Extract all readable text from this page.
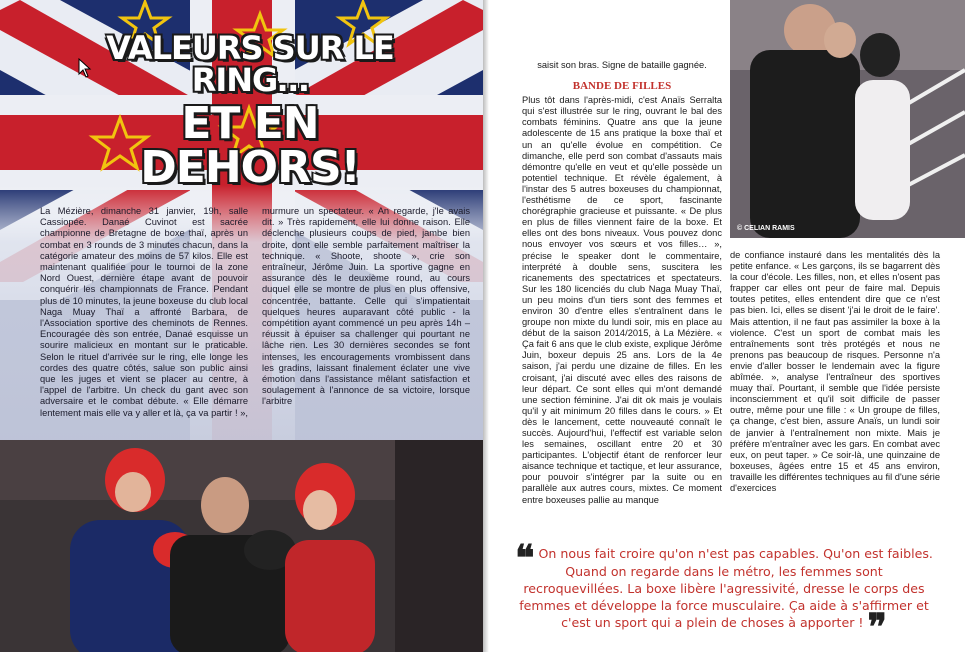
VALEURS SUR LE RING…
ET EN DEHORS!

La Mézière, dimanche 31 janvier, 19h, salle Cassiopée. Danaé Cuvinot est sacrée championne de Bretagne de boxe thaï, après un combat en 3 rounds de 3 minutes chacun, dans la catégorie amateur des moins de 57 kilos. Elle est maintenant qualifiée pour le tournoi de la zone Nord Ouest, dernière étape avant de pouvoir conquérir les championnats de France. Pendant plus de 10 minutes, la jeune boxeuse du club local Naga Muay Thaï a affronté Barbara, de l'Association sportive des cheminots de Rennes. Encouragée dès son entrée, Danaé esquisse un sourire malicieux en montant sur le praticable. Selon le rituel d'arrivée sur le ring, elle longe les cordes des quatre côtés, salue son public ainsi que les juges et vient se placer au centre, à l'appel de l'arbitre. Un check du gant avec son adversaire et le combat débute. « Elle démarre lentement mais elle va y aller et là, ça va partir ! », murmure un spectateur. « An regarde, j'le avais dit. » Très rapidement, elle lui donne raison. Elle déclenche plusieurs coups de pied, jambe bien droite, dont elle semble parfaitement maîtriser la technique. « Shoote, shoote », crie son entraîneur, Jérôme Juin. La sportive gagne en assurance dès le deuxième round, au cours duquel elle se montre de plus en plus offensive, concentrée, battante. Celle qui s'impatientait quelques heures auparavant côté public - la compétition ayant commencé un peu après 14h – réussit à épuiser sa challenger qui pourtant ne lâche rien. Les 30 dernières secondes se font intenses, les encouragements vrombissent dans les gradins, laissant finalement éclater une vive émotion dans l'assistance mêlant satisfaction et soulagement à l'annonce de sa victoire, lorsque l'arbitre

© CELIAN RAMIS

saisit son bras. Signe de bataille gagnée.

BANDE DE FILLES

Plus tôt dans l'après-midi, c'est Anaïs Serralta qui s'est illustrée sur le ring, ouvrant le bal des combats féminins. Quatre ans que la jeune adolescente de 15 ans pratique la boxe thaï et un an qu'elle évolue en compétition. Ce dimanche, elle perd son combat d'assauts mais démontre qu'elle en veut et qu'elle possède un potentiel technique. Et révèle également, à l'instar des 5 autres boxeuses du championnat, l'esthétisme de ce sport, fascinante chorégraphie gracieuse et puissante. « De plus en plus de filles viennent faire de la boxe. Et elles ont des bons niveaux. Vous pouvez donc nous envoyer vos sœurs et vos filles… », précise le speaker dont le commentaire, interprété à double sens, suscitera les ricanements des spectatrices et spectateurs. Sur les 180 licenciés du club Naga Muay Thaï, un peu moins d'un tiers sont des femmes et environ 30 d'entre elles s'entraînent dans le groupe non mixte du lundi soir, mis en place au début de la saison 2014/2015, à La Mézière. « Ça fait 6 ans que le club existe, explique Jérôme Juin, boxeur depuis 25 ans. Lors de la 4e saison, j'ai perdu une dizaine de filles. En les croisant, j'ai discuté avec elles des raisons de leur départ. Ce sont elles qui m'ont demandé une section féminine. J'ai dit ok mais je voulais qu'il y ait minimum 20 filles dans le cours. » Et dès le lancement, cette nouveauté connaît le succès. Aujourd'hui, l'effectif est variable selon les semaines, oscillant entre 20 et 30 participantes. L'objectif étant de renforcer leur aisance technique et tactique, et leur assurance, pour pouvoir s'intégrer par la suite ou en parallèle aux autres cours, mixtes. Ce moment entre boxeuses pallie au manque

de confiance instauré dans les mentalités dès la petite enfance. « Les garçons, ils se bagarrent dès la cour d'école. Les filles, non, et elles n'osent pas frapper car elles ont peur de faire mal. Depuis toutes petites, elles entendent dire que ce n'est pas bien. Ici, elles se disent 'j'ai le droit de le faire'. Mais attention, il ne faut pas assimiler la boxe à la violence. C'est un sport de combat mais les entraînements sont très protégés et nous ne prenons pas beaucoup de risques. Personne n'a envie d'aller bosser le lendemain avec la figure abîmée. », analyse l'entraîneur des sportives muay thaï. Pourtant, il semble que l'idée persiste inconsciemment et qu'il soit difficile de passer outre, même pour une fille : « Un groupe de filles, ça change, c'est bien, assure Anaïs, un lundi soir de janvier à l'entraînement non mixte. Mais je préfère m'entraîner avec les gars. En combat avec eux, on peut taper. » Ce soir-là, une quinzaine de boxeuses, âgées entre 15 et 45 ans environ, travaille les différentes techniques au fil d'une série d'exercices

❝ On nous fait croire qu'on n'est pas capables. Qu'on est faibles. Quand on regarde dans le métro, les femmes sont recroquevillées. La boxe libère l'agressivité, dresse le corps des femmes et développe la force musculaire. Ça aide à s'affirmer et c'est un sport qui a plein de choses à apporter ! ❞
